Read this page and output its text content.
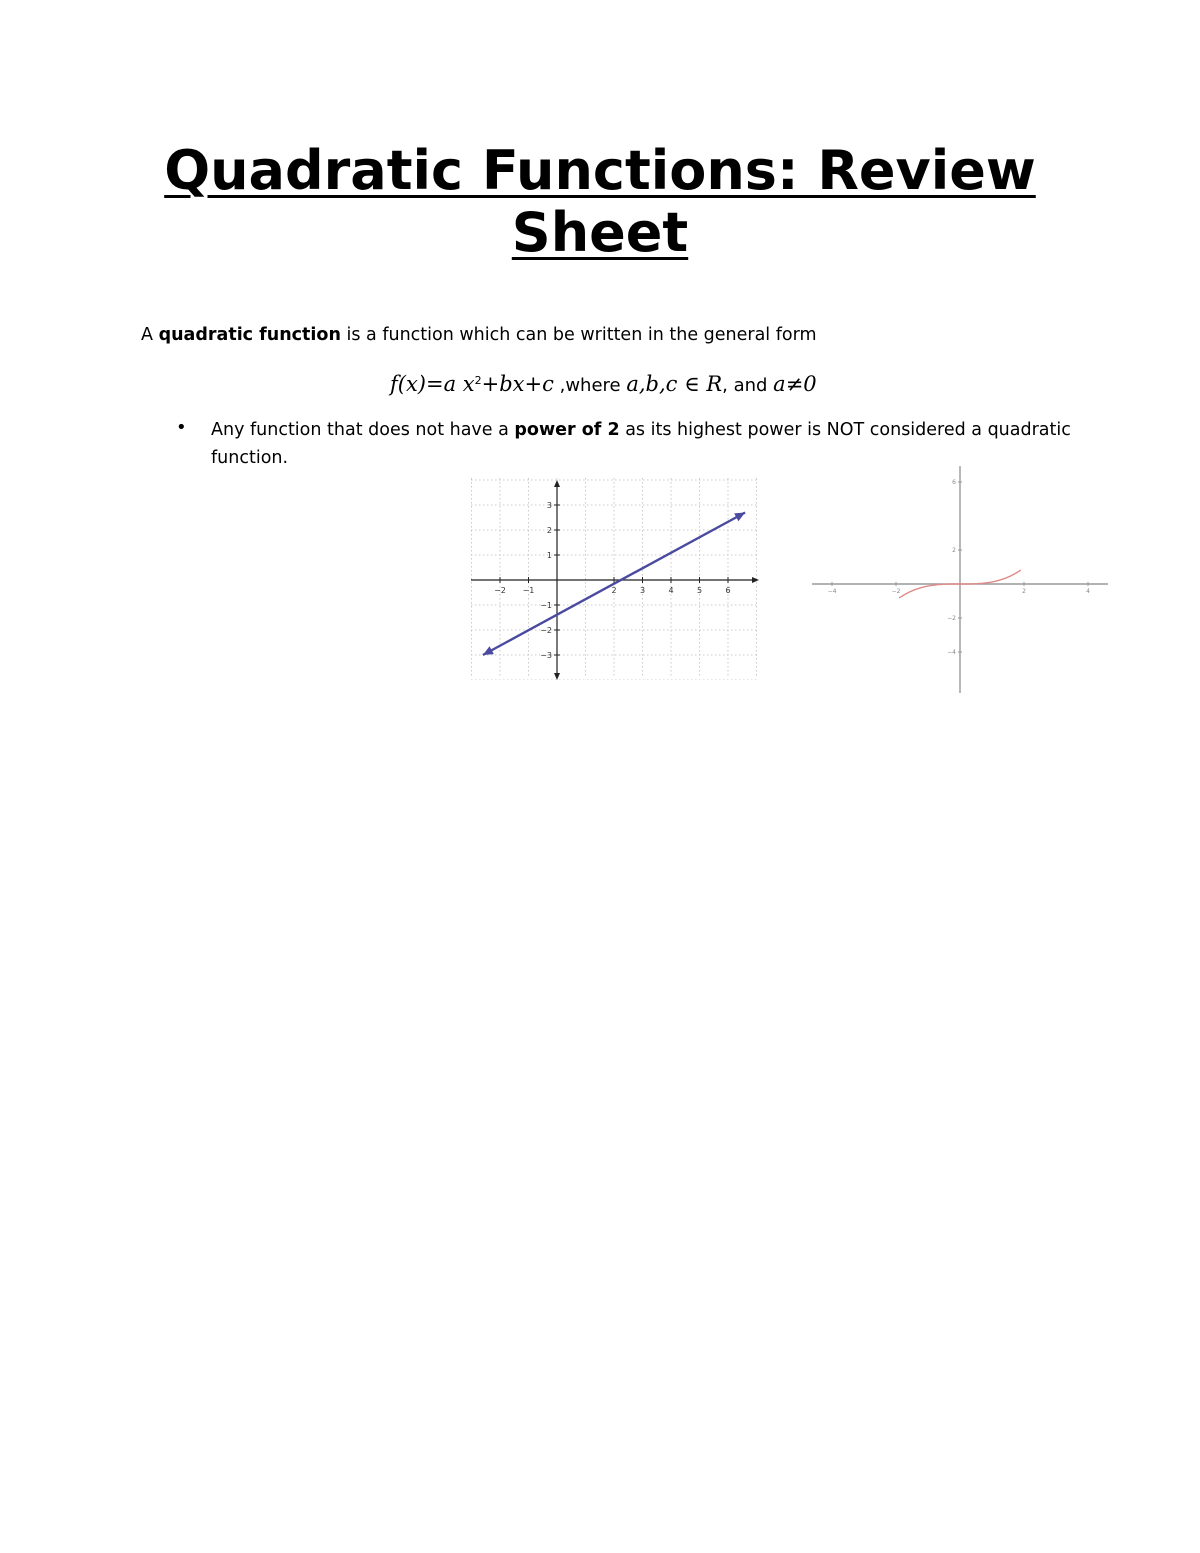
Quadratic Functions: Review Sheet
A quadratic function is a function which can be written in the general form
f(x)=a $x^2+bx+c$ ,where a,b,c ∈ R, and a≠0
• Any function that does not have a power of 2 as its highest power is NOT considered a quadratic function.
−2 −1	2	3	4	5	6
3
2
1
−1
−2
−3
−4	−2	2	4
6
2
−2
−4
